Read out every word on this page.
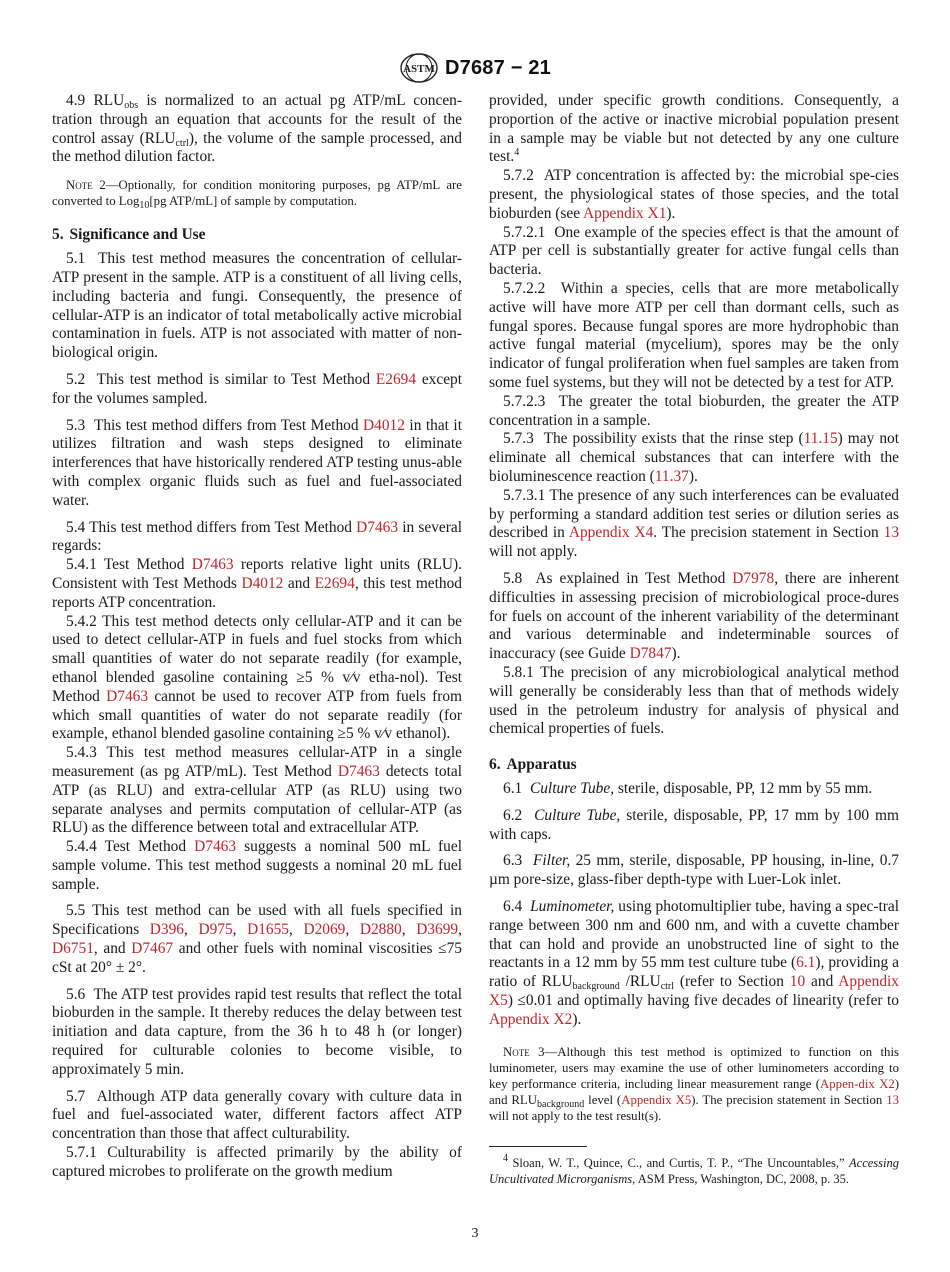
ASTM D7687 − 21

4.9 $RLU_{obs}$ is normalized to an actual pg ATP/mL concen-tration through an equation that accounts for the result of the control assay $(RLU_{ctrl})$, the volume of the sample processed, and the method dilution factor.

Note 2—Optionally, for condition monitoring purposes, pg ATP/mL are converted to Log$_{10}$[pg ATP/mL] of sample by computation.
5. Significance and Use

5.1 This test method measures the concentration of cellular-ATP present in the sample. ATP is a constituent of all living cells, including bacteria and fungi. Consequently, the presence of cellular-ATP is an indicator of total metabolically active microbial contamination in fuels. ATP is not associated with matter of non-biological origin.

5.2 This test method is similar to Test Method E2694 except for the volumes sampled.

5.3 This test method differs from Test Method D4012 in that it utilizes filtration and wash steps designed to eliminate interferences that have historically rendered ATP testing unus-able with complex organic fluids such as fuel and fuel-associated water.

5.4 This test method differs from Test Method D7463 in several regards:

5.4.1 Test Method D7463 reports relative light units (RLU). Consistent with Test Methods D4012 and E2694, this test method reports ATP concentration.

5.4.2 This test method detects only cellular-ATP and it can be used to detect cellular-ATP in fuels and fuel stocks from which small quantities of water do not separate readily (for example, ethanol blended gasoline containing ≥5 % v⁄v etha-nol). Test Method D7463 cannot be used to recover ATP from fuels from which small quantities of water do not separate readily (for example, ethanol blended gasoline containing ≥5 % v⁄v ethanol).

5.4.3 This test method measures cellular-ATP in a single measurement (as pg ATP/mL). Test Method D7463 detects total ATP (as RLU) and extra-cellular ATP (as RLU) using two separate analyses and permits computation of cellular-ATP (as RLU) as the difference between total and extracellular ATP.

5.4.4 Test Method D7463 suggests a nominal 500 mL fuel sample volume. This test method suggests a nominal 20 mL fuel sample.

5.5 This test method can be used with all fuels specified in Specifications D396, D975, D1655, D2069, D2880, D3699, D6751, and D7467 and other fuels with nominal viscosities ≤75 cSt at 20° ± 2°.

5.6 The ATP test provides rapid test results that reflect the total bioburden in the sample. It thereby reduces the delay between test initiation and data capture, from the 36 h to 48 h (or longer) required for culturable colonies to become visible, to approximately 5 min.

5.7 Although ATP data generally covary with culture data in fuel and fuel-associated water, different factors affect ATP concentration than those that affect culturability.

5.7.1 Culturability is affected primarily by the ability of captured microbes to proliferate on the growth medium

provided, under specific growth conditions. Consequently, a proportion of the active or inactive microbial population present in a sample may be viable but not detected by any one culture test.$^4$

5.7.2 ATP concentration is affected by: the microbial spe-cies present, the physiological states of those species, and the total bioburden (see Appendix X1).

5.7.2.1 One example of the species effect is that the amount of ATP per cell is substantially greater for active fungal cells than bacteria.

5.7.2.2 Within a species, cells that are more metabolically active will have more ATP per cell than dormant cells, such as fungal spores. Because fungal spores are more hydrophobic than active fungal material (mycelium), spores may be the only indicator of fungal proliferation when fuel samples are taken from some fuel systems, but they will not be detected by a test for ATP.

5.7.2.3 The greater the total bioburden, the greater the ATP concentration in a sample.

5.7.3 The possibility exists that the rinse step (11.15) may not eliminate all chemical substances that can interfere with the bioluminescence reaction (11.37).

5.7.3.1 The presence of any such interferences can be evaluated by performing a standard addition test series or dilution series as described in Appendix X4. The precision statement in Section 13 will not apply.

5.8 As explained in Test Method D7978, there are inherent difficulties in assessing precision of microbiological proce-dures for fuels on account of the inherent variability of the determinant and various determinable and indeterminable sources of inaccuracy (see Guide D7847).

5.8.1 The precision of any microbiological analytical method will generally be considerably less than that of methods widely used in the petroleum industry for analysis of physical and chemical properties of fuels.

6. Apparatus

6.1 Culture Tube, sterile, disposable, PP, 12 mm by 55 mm.

6.2 Culture Tube, sterile, disposable, PP, 17 mm by 100 mm with caps.

6.3 Filter, 25 mm, sterile, disposable, PP housing, in-line, 0.7 µm pore-size, glass-fiber depth-type with Luer-Lok inlet.

6.4 Luminometer, using photomultiplier tube, having a spec-tral range between 300 nm and 600 nm, and with a cuvette chamber that can hold and provide an unobstructed line of sight to the reactants in a 12 mm by 55 mm test culture tube (6.1), providing a ratio of $RLU_{background}$ $/RLU_{ctrl}$ (refer to Section 10 and Appendix X5) ≤0.01 and optimally having five decades of linearity (refer to Appendix X2).

Note 3—Although this test method is optimized to function on this luminometer, users may examine the use of other luminometers according to key performance criteria, including linear measurement range (Appen-dix X2) and $RLU_{background}$ level (Appendix X5). The precision statement in Section 13 will not apply to the test result(s).
$^4$ Sloan, W. T., Quince, C., and Curtis, T. P., “The Uncountables,” Accessing Uncultivated Microrganisms, ASM Press, Washington, DC, 2008, p. 35.
3
